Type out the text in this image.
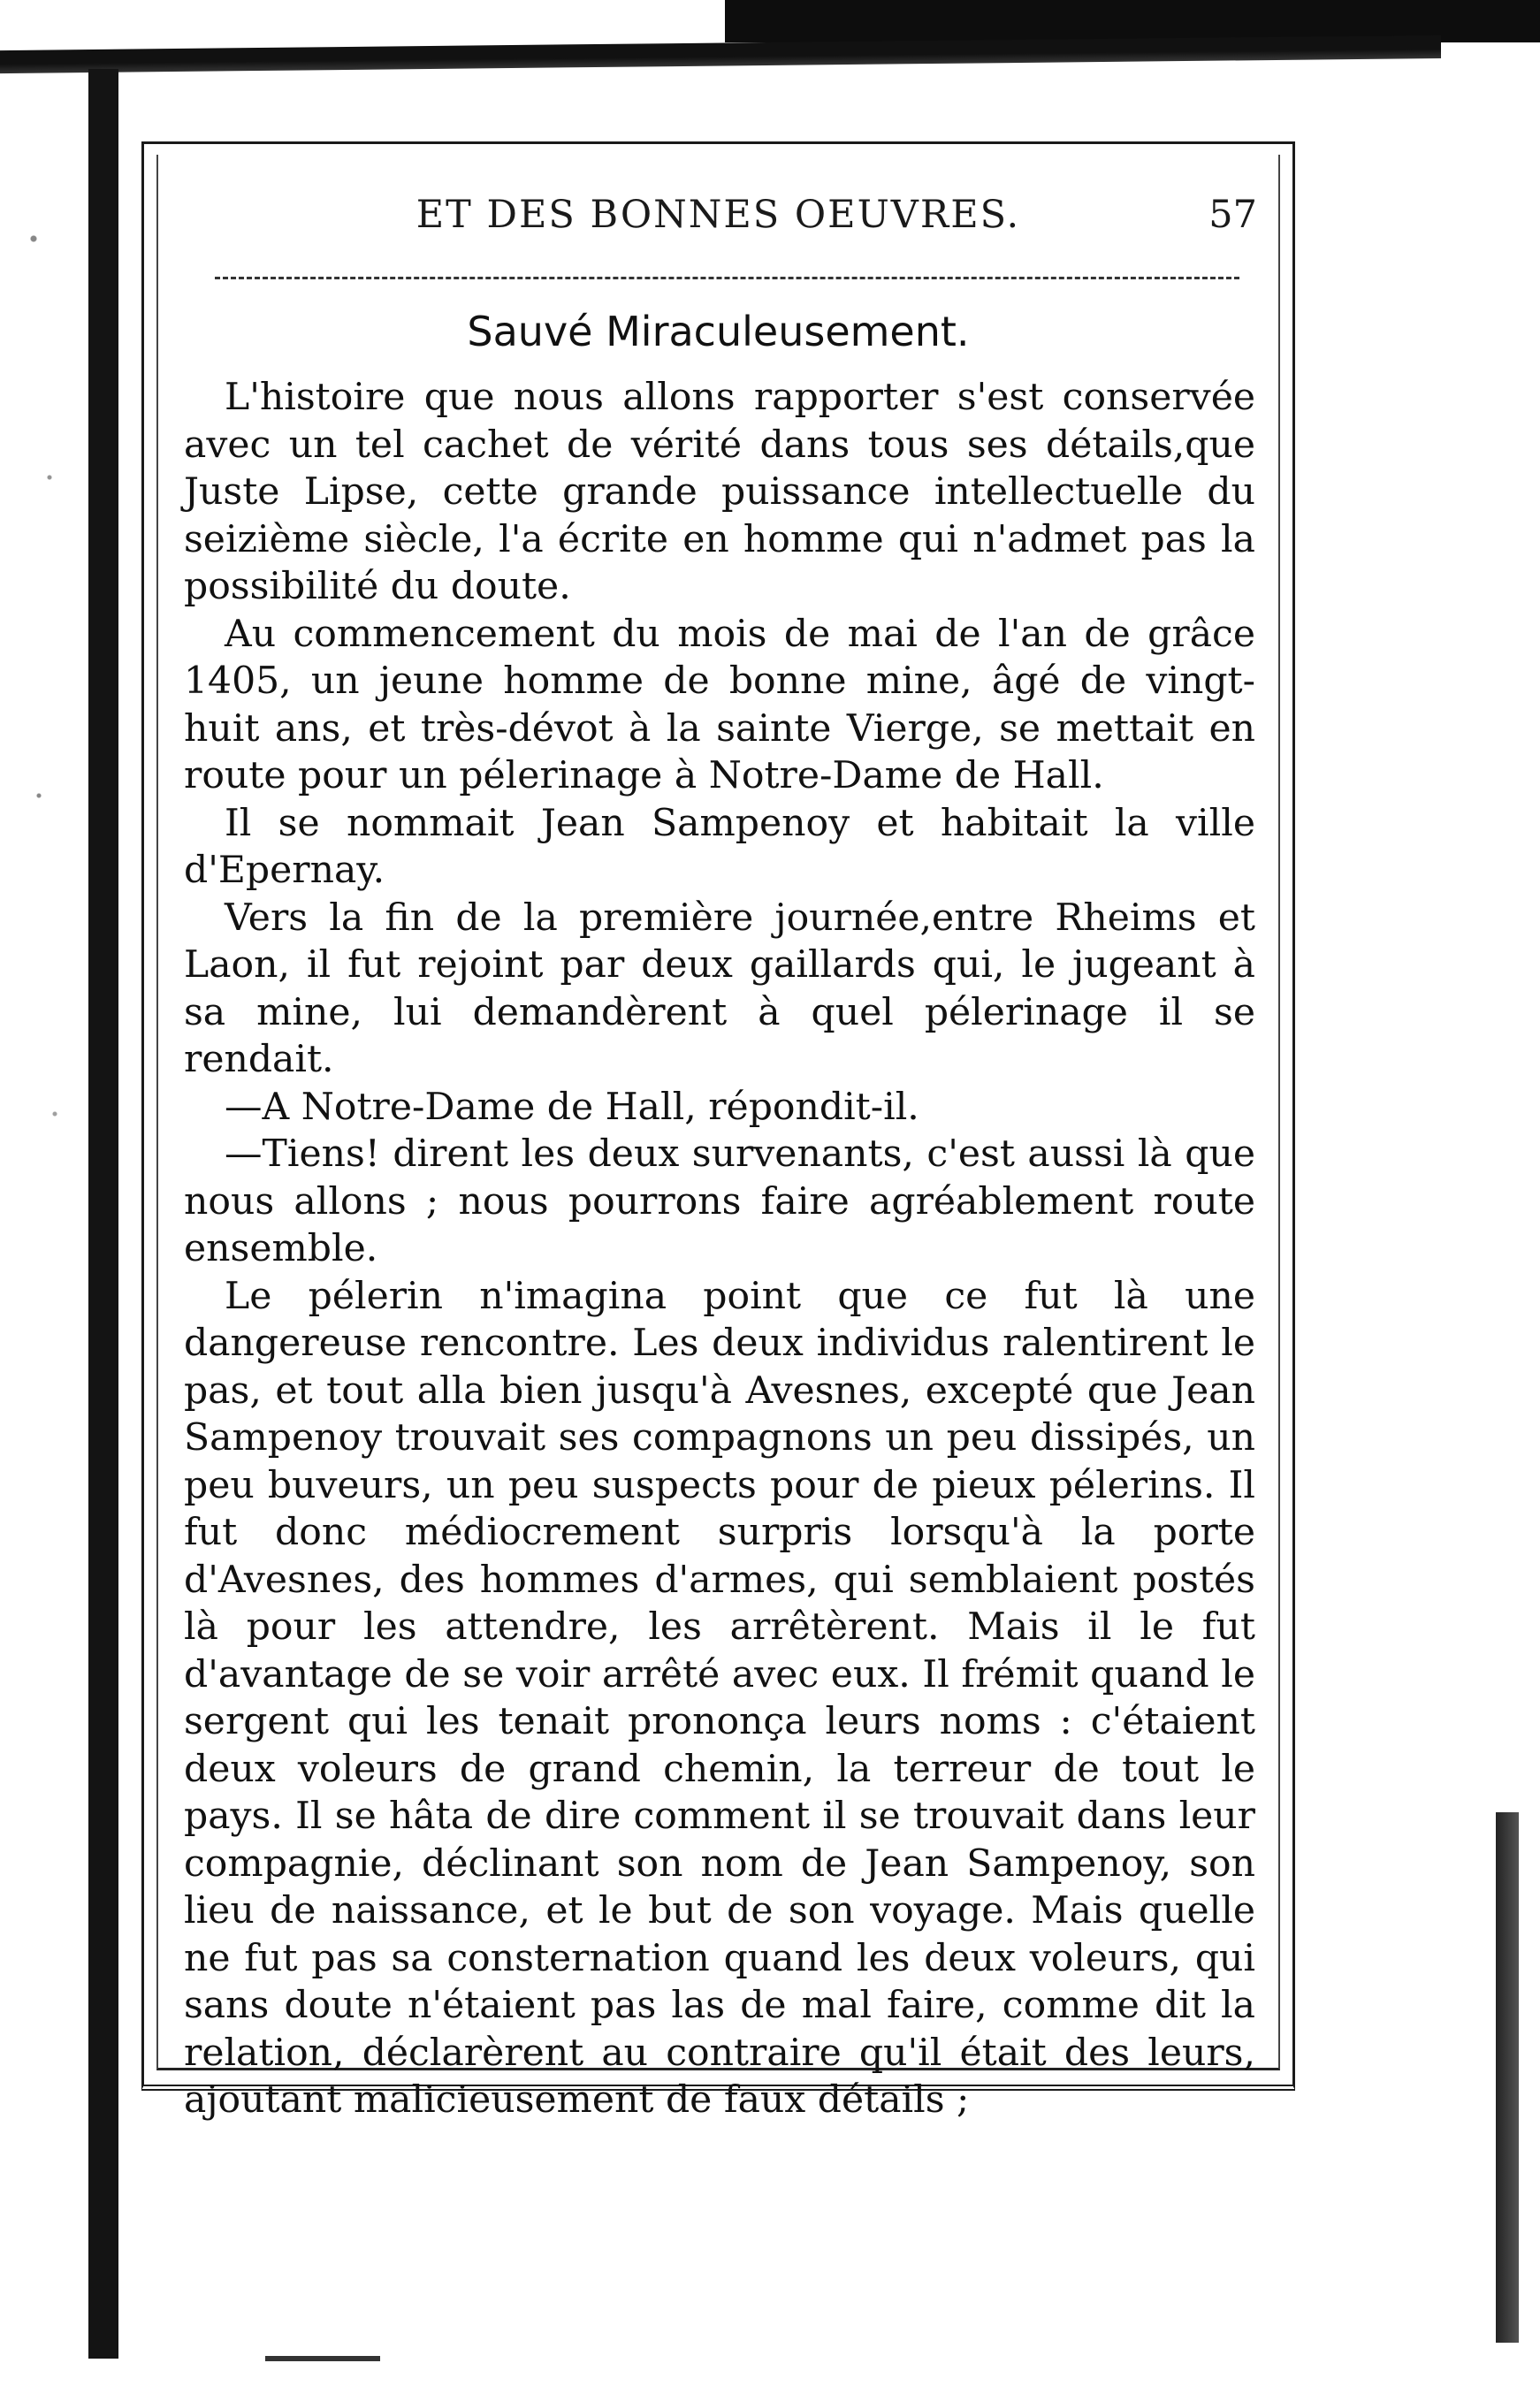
ET DES BONNES OEUVRES.	57
Sauvé Miraculeusement.

L'histoire que nous allons rapporter s'est conservée avec un tel cachet de vérité dans tous ses détails,que Juste Lipse, cette grande puissance intellectuelle du seizième siècle, l'a écrite en homme qui n'admet pas la possibilité du doute.

Au commencement du mois de mai de l'an de grâce 1405, un jeune homme de bonne mine, âgé de vingt-huit ans, et très-dévot à la sainte Vierge, se mettait en route pour un pélerinage à Notre-Dame de Hall.

Il se nommait Jean Sampenoy et habitait la ville d'Epernay.

Vers la fin de la première journée,entre Rheims et Laon, il fut rejoint par deux gaillards qui, le jugeant à sa mine, lui demandèrent à quel pélerinage il se rendait.

—A Notre-Dame de Hall, répondit-il.

—Tiens! dirent les deux survenants, c'est aussi là que nous allons ; nous pourrons faire agréablement route ensemble.

Le pélerin n'imagina point que ce fut là une dangereuse rencontre. Les deux individus ralentirent le pas, et tout alla bien jusqu'à Avesnes, excepté que Jean Sampenoy trouvait ses compagnons un peu dissipés, un peu buveurs, un peu suspects pour de pieux pélerins. Il fut donc médiocrement surpris lorsqu'à la porte d'Avesnes, des hommes d'armes, qui semblaient postés là pour les attendre, les arrêtèrent. Mais il le fut d'avantage de se voir arrêté avec eux. Il frémit quand le sergent qui les tenait prononça leurs noms : c'étaient deux voleurs de grand chemin, la terreur de tout le pays. Il se hâta de dire comment il se trouvait dans leur compagnie, déclinant son nom de Jean Sampenoy, son lieu de naissance, et le but de son voyage. Mais quelle ne fut pas sa consternation quand les deux voleurs, qui sans doute n'étaient pas las de mal faire, comme dit la relation, déclarèrent au contraire qu'il était des leurs, ajoutant malicieusement de faux détails ;
